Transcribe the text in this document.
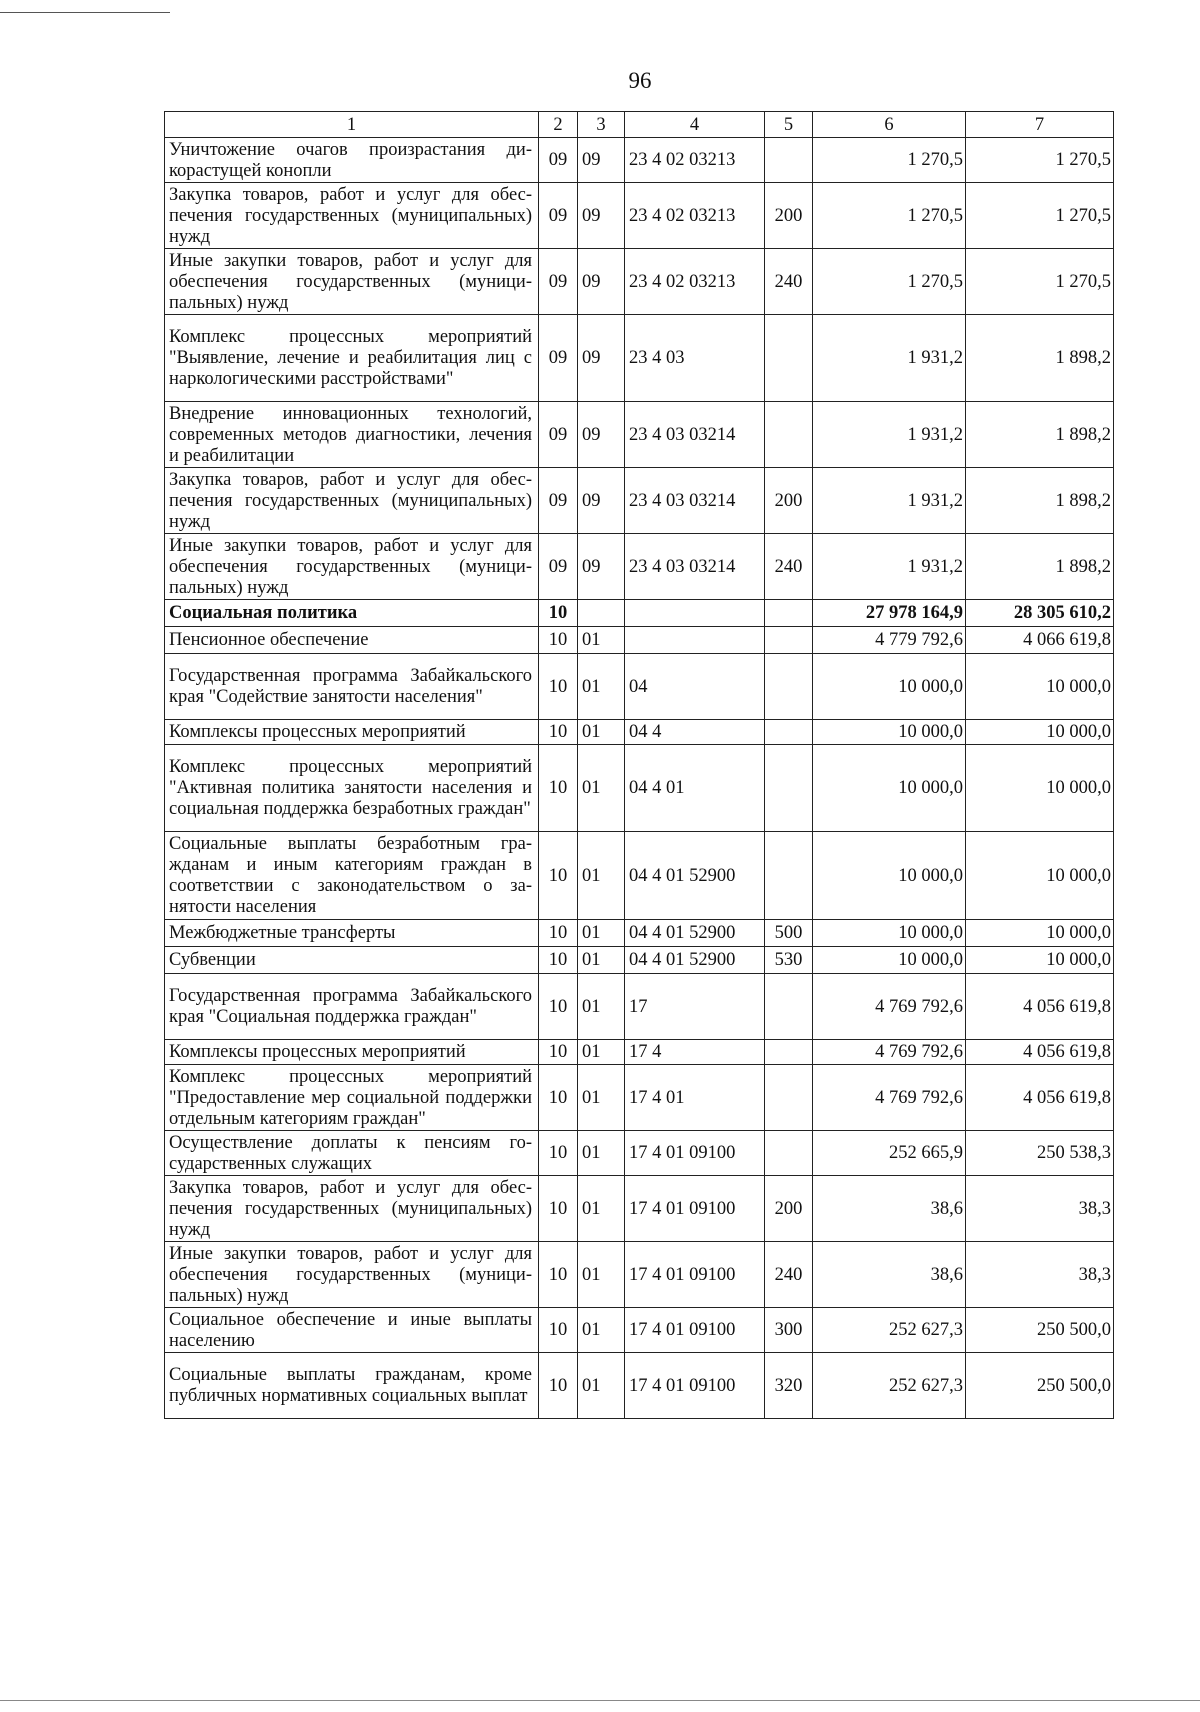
96
1	2	3	4	5	6	7
Уничтожение очагов произрастания дикорастущей конопли	09	09	23 4 02 03213		1 270,5	1 270,5
Закупка товаров, работ и услуг для обеспечения государственных (муниципальных) нужд	09	09	23 4 02 03213	200	1 270,5	1 270,5
Иные закупки товаров, работ и услуг для обеспечения государственных (муниципальных) нужд	09	09	23 4 02 03213	240	1 270,5	1 270,5
Комплекс процессных мероприятий "Выявление, лечение и реабилитация лиц с наркологическими расстройствами"	09	09	23 4 03		1 931,2	1 898,2
Внедрение инновационных технологий, современных методов диагностики, лечения и реабилитации	09	09	23 4 03 03214		1 931,2	1 898,2
Закупка товаров, работ и услуг для обеспечения государственных (муниципальных) нужд	09	09	23 4 03 03214	200	1 931,2	1 898,2
Иные закупки товаров, работ и услуг для обеспечения государственных (муниципальных) нужд	09	09	23 4 03 03214	240	1 931,2	1 898,2
Социальная политика	10				27 978 164,9	28 305 610,2
Пенсионное обеспечение	10	01			4 779 792,6	4 066 619,8
Государственная программа Забайкальского края "Содействие занятости населения"	10	01	04		10 000,0	10 000,0
Комплексы процессных мероприятий	10	01	04 4		10 000,0	10 000,0
Комплекс процессных мероприятий "Активная политика занятости населения и социальная поддержка безработных граждан"	10	01	04 4 01		10 000,0	10 000,0
Социальные выплаты безработным гражданам и иным категориям граждан в соответствии с законодательством о занятости населения	10	01	04 4 01 52900		10 000,0	10 000,0
Межбюджетные трансферты	10	01	04 4 01 52900	500	10 000,0	10 000,0
Субвенции	10	01	04 4 01 52900	530	10 000,0	10 000,0
Государственная программа Забайкальского края "Социальная поддержка граждан"	10	01	17		4 769 792,6	4 056 619,8
Комплексы процессных мероприятий	10	01	17 4		4 769 792,6	4 056 619,8
Комплекс процессных мероприятий "Предоставление мер социальной поддержки отдельным категориям граждан"	10	01	17 4 01		4 769 792,6	4 056 619,8
Осуществление доплаты к пенсиям государственных служащих	10	01	17 4 01 09100		252 665,9	250 538,3
Закупка товаров, работ и услуг для обеспечения государственных (муниципальных) нужд	10	01	17 4 01 09100	200	38,6	38,3
Иные закупки товаров, работ и услуг для обеспечения государственных (муниципальных) нужд	10	01	17 4 01 09100	240	38,6	38,3
Социальное обеспечение и иные выплаты населению	10	01	17 4 01 09100	300	252 627,3	250 500,0
Социальные выплаты гражданам, кроме публичных нормативных социальных выплат	10	01	17 4 01 09100	320	252 627,3	250 500,0
